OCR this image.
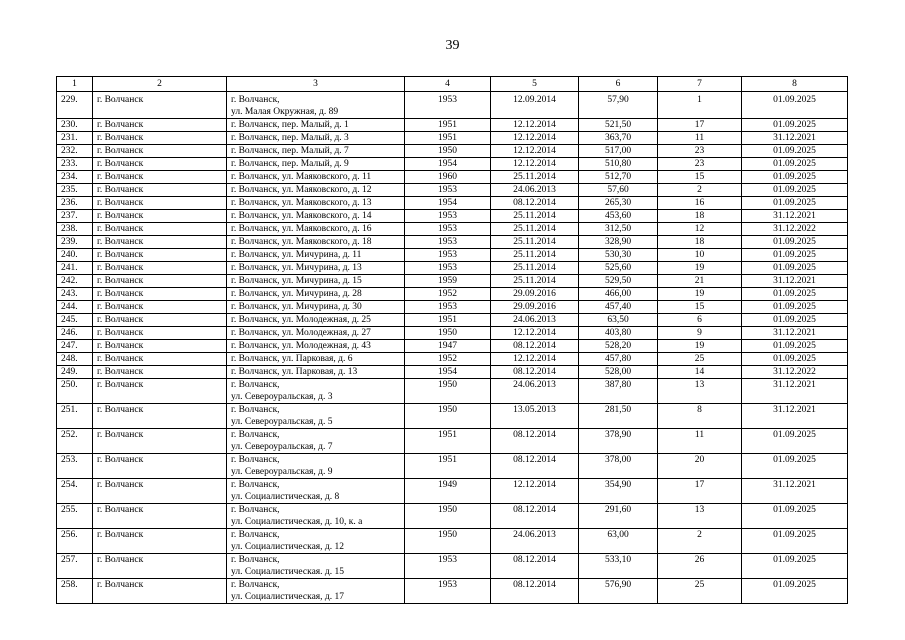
39
1	2	3	4	5	6	7	8
229.	г. Волчанск	г. Волчанск,
ул. Малая Окружная, д. 89	1953	12.09.2014	57,90	1	01.09.2025
230.	г. Волчанск	г. Волчанск, пер. Малый, д. 1	1951	12.12.2014	521,50	17	01.09.2025
231.	г. Волчанск	г. Волчанск, пер. Малый, д. 3	1951	12.12.2014	363,70	11	31.12.2021
232.	г. Волчанск	г. Волчанск, пер. Малый, д. 7	1950	12.12.2014	517,00	23	01.09.2025
233.	г. Волчанск	г. Волчанск, пер. Малый, д. 9	1954	12.12.2014	510,80	23	01.09.2025
234.	г. Волчанск	г. Волчанск, ул. Маяковского, д. 11	1960	25.11.2014	512,70	15	01.09.2025
235.	г. Волчанск	г. Волчанск, ул. Маяковского, д. 12	1953	24.06.2013	57,60	2	01.09.2025
236.	г. Волчанск	г. Волчанск, ул. Маяковского, д. 13	1954	08.12.2014	265,30	16	01.09.2025
237.	г. Волчанск	г. Волчанск, ул. Маяковского, д. 14	1953	25.11.2014	453,60	18	31.12.2021
238.	г. Волчанск	г. Волчанск, ул. Маяковского, д. 16	1953	25.11.2014	312,50	12	31.12.2022
239.	г. Волчанск	г. Волчанск, ул. Маяковского, д. 18	1953	25.11.2014	328,90	18	01.09.2025
240.	г. Волчанск	г. Волчанск, ул. Мичурина, д. 11	1953	25.11.2014	530,30	10	01.09.2025
241.	г. Волчанск	г. Волчанск, ул. Мичурина, д. 13	1953	25.11.2014	525,60	19	01.09.2025
242.	г. Волчанск	г. Волчанск, ул. Мичурина, д. 15	1959	25.11.2014	529,50	21	31.12.2021
243.	г. Волчанск	г. Волчанск, ул. Мичурина, д. 28	1952	29.09.2016	466,00	19	01.09.2025
244.	г. Волчанск	г. Волчанск, ул. Мичурина, д. 30	1953	29.09.2016	457,40	15	01.09.2025
245.	г. Волчанск	г. Волчанск, ул. Молодежная, д. 25	1951	24.06.2013	63,50	6	01.09.2025
246.	г. Волчанск	г. Волчанск, ул. Молодежная, д. 27	1950	12.12.2014	403,80	9	31.12.2021
247.	г. Волчанск	г. Волчанск, ул. Молодежная, д. 43	1947	08.12.2014	528,20	19	01.09.2025
248.	г. Волчанск	г. Волчанск, ул. Парковая, д. 6	1952	12.12.2014	457,80	25	01.09.2025
249.	г. Волчанск	г. Волчанск, ул. Парковая, д. 13	1954	08.12.2014	528,00	14	31.12.2022
250.	г. Волчанск	г. Волчанск,
ул. Североуральская, д. 3	1950	24.06.2013	387,80	13	31.12.2021
251.	г. Волчанск	г. Волчанск,
ул. Североуральская, д. 5	1950	13.05.2013	281,50	8	31.12.2021
252.	г. Волчанск	г. Волчанск,
ул. Североуральская, д. 7	1951	08.12.2014	378,90	11	01.09.2025
253.	г. Волчанск	г. Волчанск,
ул. Североуральская, д. 9	1951	08.12.2014	378,00	20	01.09.2025
254.	г. Волчанск	г. Волчанск,
ул. Социалистическая, д. 8	1949	12.12.2014	354,90	17	31.12.2021
255.	г. Волчанск	г. Волчанск,
ул. Социалистическая, д. 10, к. а	1950	08.12.2014	291,60	13	01.09.2025
256.	г. Волчанск	г. Волчанск,
ул. Социалистическая, д. 12	1950	24.06.2013	63,00	2	01.09.2025
257.	г. Волчанск	г. Волчанск,
ул. Социалистическая. д. 15	1953	08.12.2014	533,10	26	01.09.2025
258.	г. Волчанск	г. Волчанск,
ул. Социалистическая, д. 17	1953	08.12.2014	576,90	25	01.09.2025
